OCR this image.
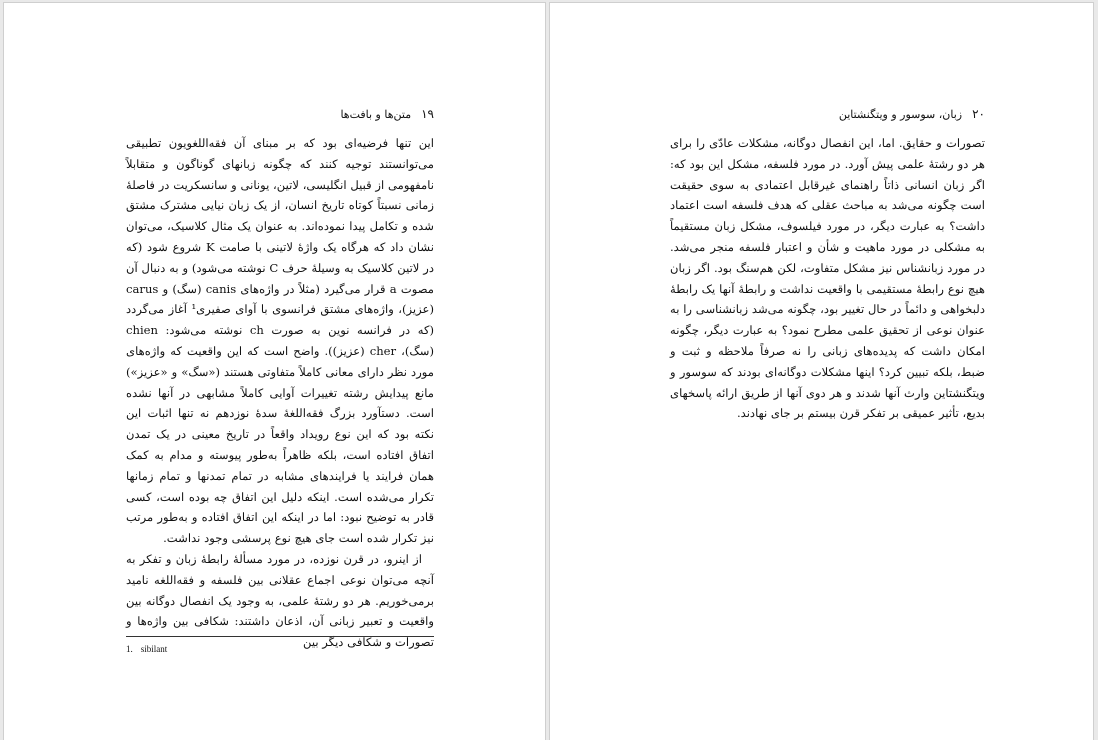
۱۹متن‌ها و بافت‌ها

این تنها فرضیه‌ای بود که بر مبنای آن فقه‌اللغویون تطبیقی می‌توانستند توجیه کنند که چگونه زبانهای گوناگون و متقابلاً نامفهومی از قبیل انگلیسی، لاتین، یونانی و سانسکریت در فاصلهٔ زمانی نسبتاً کوتاه تاریخ انسان، از یک زبان نیایی مشترک مشتق شده و تکامل پیدا نموده‌اند. به عنوان یک مثال کلاسیک، می‌توان نشان داد که هرگاه یک واژهٔ لاتینی با صامت K شروع شود (که در لاتین کلاسیک به وسیلهٔ حرف C نوشته می‌شود) و به دنبال آن مصوت a قرار می‌گیرد (مثلاً در واژه‌های canis (سگ) و carus (عزیز)، واژه‌های مشتق فرانسوی با آوای صفیری¹ آغاز می‌گردد (که در فرانسه نوین به صورت ch نوشته می‌شود: chien (سگ)، cher (عزیز)). واضح است که این واقعیت که واژه‌های مورد نظر دارای معانی کاملاً متفاوتی هستند («سگ» و «عزیز») مانع پیدایش رشته تغییرات آوایی کاملاً مشابهی در آنها نشده است. دستآورد بزرگ فقه‌اللغهٔ سدهٔ نوزدهم نه تنها اثبات این نکته بود که این نوع رویداد واقعاً در تاریخ معینی در یک تمدن اتفاق افتاده است، بلکه ظاهراً به‌طور پیوسته و مدام به کمک همان فرایند یا فرایندهای مشابه در تمام تمدنها و تمام زمانها تکرار می‌شده است. اینکه دلیل این اتفاق چه بوده است، کسی قادر به توضیح نبود: اما در اینکه این اتفاق افتاده و به‌طور مرتب نیز تکرار شده است جای هیچ نوع پرسشی وجود نداشت.

از اینرو، در قرن نوزده، در مورد مسألهٔ رابطهٔ زبان و تفکر به آنچه می‌توان نوعی اجماع عقلانی بین فلسفه و فقه‌اللغه نامید برمی‌خوریم. هر دو رشتهٔ علمی، به وجود یک انفصال دوگانه بین واقعیت و تعبیر زبانی آن، اذعان داشتند: شکافی بین واژه‌ها و تصورات و شکافی دیگر بین

1. sibilant
۲۰زبان، سوسور و ویتگنشتاین

تصورات و حقایق. اما، این انفصال دوگانه، مشکلات عادّی را برای هر دو رشتهٔ علمی پیش آورد. در مورد فلسفه، مشکل این بود که: اگر زبان انسانی ذاتاً راهنمای غیرقابل اعتمادی به سوی حقیقت است چگونه می‌شد به مباحث عقلی که هدف فلسفه است اعتماد داشت؟ به عبارت دیگر، در مورد فیلسوف، مشکل زبان مستقیماً به مشکلی در مورد ماهیت و شأن و اعتبار فلسفه منجر می‌شد. در مورد زبانشناس نیز مشکل متفاوت، لکن هم‌سنگ بود. اگر زبان هیچ نوع رابطهٔ مستقیمی با واقعیت نداشت و رابطهٔ آنها یک رابطهٔ دلبخواهی و دائماً در حال تغییر بود، چگونه می‌شد زبانشناسی را به عنوان نوعی از تحقیق علمی مطرح نمود؟ به عبارت دیگر، چگونه امکان داشت که پدیده‌های زبانی را نه صرفاً ملاحظه و ثبت و ضبط، بلکه تبیین کرد؟ اینها مشکلات دوگانه‌ای بودند که سوسور و ویتگنشتاین وارث آنها شدند و هر دوی آنها از طریق ارائه پاسخهای بدیع، تأثیر عمیقی بر تفکر قرن بیستم بر جای نهادند.
